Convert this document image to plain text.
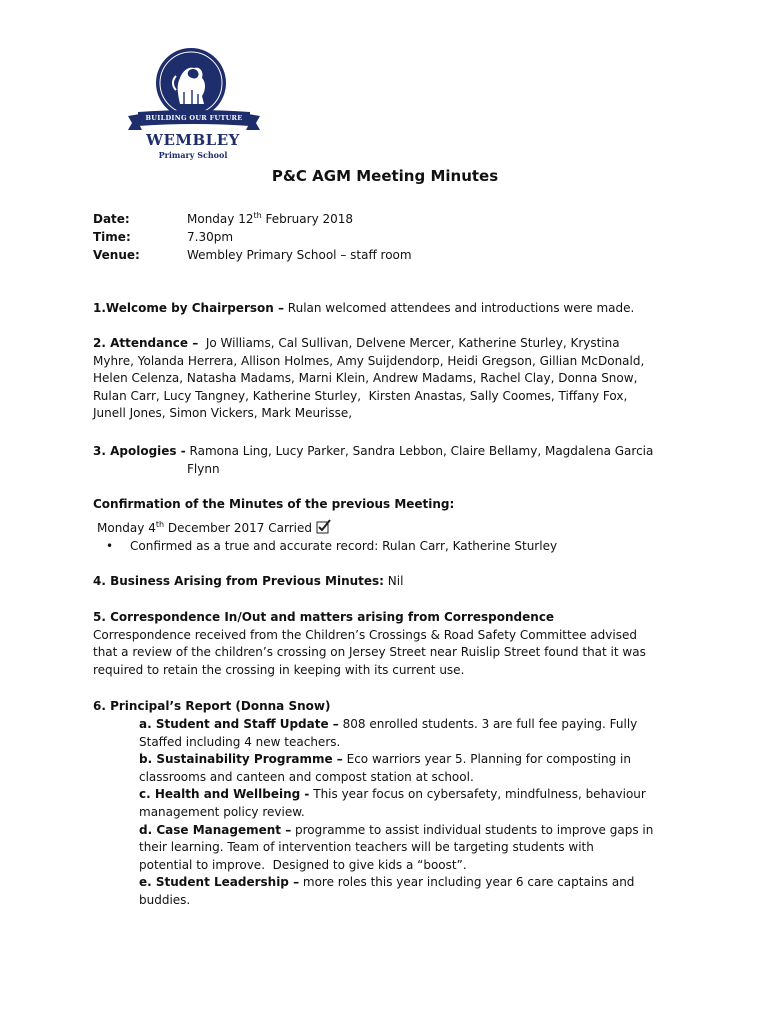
BUILDING OUR FUTURE
WEMBLEY
Primary School
P&C AGM Meeting Minutes
Date:	Monday 12th February 2018
Time:	7.30pm
Venue:	Wembley Primary School – staff room
1.Welcome by Chairperson – Rulan welcomed attendees and introductions were made.
2. Attendance –  Jo Williams, Cal Sullivan, Delvene Mercer, Katherine Sturley, Krystina
Myhre, Yolanda Herrera, Allison Holmes, Amy Suijdendorp, Heidi Gregson, Gillian McDonald,
Helen Celenza, Natasha Madams, Marni Klein, Andrew Madams, Rachel Clay, Donna Snow,
Rulan Carr, Lucy Tangney, Katherine Sturley,  Kirsten Anastas, Sally Coomes, Tiffany Fox,
Junell Jones, Simon Vickers, Mark Meurisse,
3. Apologies - Ramona Ling, Lucy Parker, Sandra Lebbon, Claire Bellamy, Magdalena Garcia
Flynn
Confirmation of the Minutes of the previous Meeting:
Monday 4th December 2017 Carried
• Confirmed as a true and accurate record: Rulan Carr, Katherine Sturley
4. Business Arising from Previous Minutes: Nil
5. Correspondence In/Out and matters arising from Correspondence
Correspondence received from the Children’s Crossings & Road Safety Committee advised
that a review of the children’s crossing on Jersey Street near Ruislip Street found that it was
required to retain the crossing in keeping with its current use.
6. Principal’s Report (Donna Snow)
a. Student and Staff Update – 808 enrolled students. 3 are full fee paying. Fully
Staffed including 4 new teachers.
b. Sustainability Programme – Eco warriors year 5. Planning for composting in
classrooms and canteen and compost station at school.
c. Health and Wellbeing - This year focus on cybersafety, mindfulness, behaviour
management policy review.
d. Case Management – programme to assist individual students to improve gaps in
their learning. Team of intervention teachers will be targeting students with
potential to improve.  Designed to give kids a “boost”.
e. Student Leadership – more roles this year including year 6 care captains and
buddies.
